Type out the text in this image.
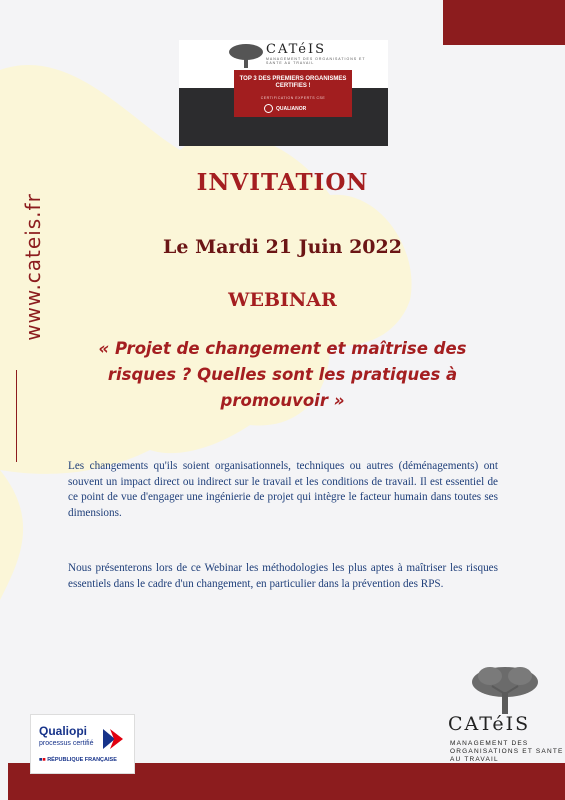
www.cateis.fr
CATéIS
MANAGEMENT DES ORGANISATIONS ET SANTE AU TRAVAIL
TOP 3 DES PREMIERS ORGANISMES CERTIFIES !
CERTIFICATION EXPERTS CSE
QUALIANOR
INVITATION
Le Mardi 21 Juin 2022
WEBINAR
« Projet de changement et maîtrise des risques ? Quelles sont les pratiques à promouvoir »
Les changements qu'ils soient organisationnels, techniques ou autres (déménagements) ont souvent un impact direct ou indirect sur le travail et les conditions de travail. Il est essentiel de ce point de vue d'engager une ingénierie de projet qui intègre le facteur humain dans toutes ses dimensions.
Nous présenterons lors de ce Webinar les méthodologies les plus aptes à maîtriser les risques essentiels dans le cadre d'un changement, en particulier dans la prévention des RPS.
Qualiopi
processus certifié
■■ RÉPUBLIQUE FRANÇAISE
CATéIS
MANAGEMENT DES ORGANISATIONS ET SANTE AU TRAVAIL
